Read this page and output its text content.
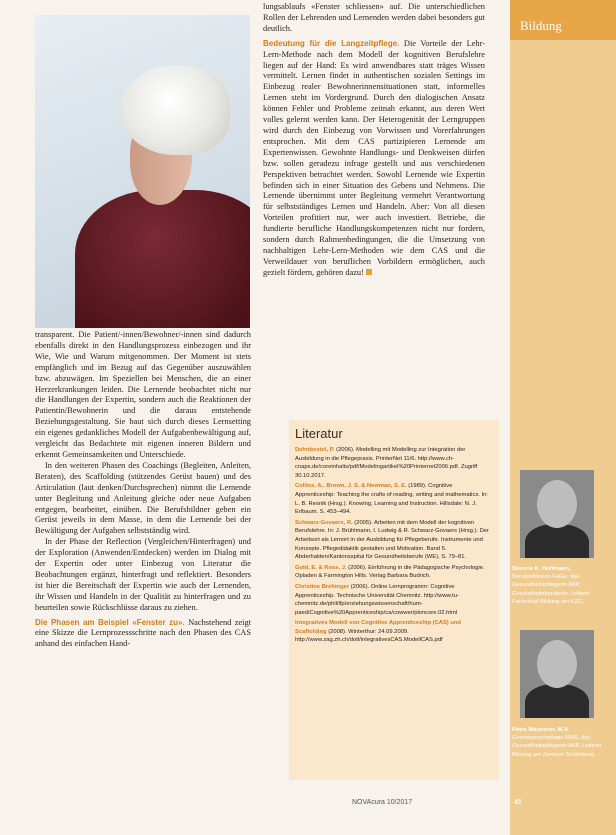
transparent. Die Patient/-innen/Bewohner/-innen sind dadurch ebenfalls direkt in den Handlungsprozess einbezogen und ihr Wie, Wie und Warum mitgenommen. Der Moment ist stets empfänglich und im Bezug auf das Gegenüber auszuwählen bzw. abzuwägen. Im Speziellen bei Menschen, die an einer Herzerkrankungen leiden. Die Lernende beobachtet nicht nur die Handlungen der Expertin, sondern auch die Reaktionen der Patientin/Bewohnerin und die daraus entstehende Beziehungsgestaltung. Sie baut sich durch dieses Lernsetting ein eigenes gedankliches Modell der Aufgabenbewältigung auf, vergleicht das Bedachtete mit eigenen inneren Bildern und erkennt Gemeinsamkeiten und Unterschiede.

In den weiteren Phasen des Coachings (Begleiten, Anleiten, Beraten), des Scaffolding (stützendes Gerüst bauen) und des Articulation (laut denken/Durchsprechen) nimmt die Lernende unter Begleitung und Anleitung gleiche oder neue Aufgaben entgegen, bearbeitet, einüben. Die Berufsbildner geben ein Gerüst jeweils in dem Masse, in dem die Lernende bei der Bewältigung der Aufgaben selbstständig wird.

In der Phase der Reflection (Vergleichen/Hinterfragen) und der Exploration (Anwenden/Entdecken) werden im Dialog mit der Expertin oder unter Einbezug von Literatur die Beobachtungen ergänzt, hinterfragt und reflektiert. Besonders ist hier die Bereitschaft der Expertin wie auch der Lernenden, ihr Wissen und Handeln in der Qualität zu hinterfragen und zu beurteilen sowie Rückschlüsse daraus zu ziehen.

Die Phasen am Beispiel «Fenster zu». Nachstehend zeigt eine Skizze die Lernprozessschritte nach den Phasen des CAS anhand des einfachen Hand-

lungsablaufs «Fenster schliessen» auf. Die unterschiedlichen Rollen der Lehrenden und Lernenden werden dabei besonders gut deutlich.

Bedeutung für die Langzeitpflege. Die Vorteile der Lehr-Lern-Methode nach dem Modell der kognitiven Berufslehre liegen auf der Hand: Es wird anwendbares statt träges Wissen vermittelt. Lernen findet in authentischen sozialen Settings im Einbezug realer Bewohnerinnensituationen statt, informelles Lernen steht im Vordergrund. Durch den dialogischen Ansatz können Fehler und Probleme zeitnah erkannt, aus deren Wert volles gelernt werden kann. Der Heterogenität der Lerngruppen wird durch den Einbezug von Vorwissen und Vorerfahrungen entsprochen. Mit dem CAS partizipieren Lernende am Expertenwissen. Gewohnte Handlungs- und Denkweisen dürfen bzw. sollen geradezu infrage gestellt und aus verschiedenen Perspektiven betrachtet werden. Sowohl Lernende wie Expertin befinden sich in einer Situation des Gebens und Nehmens. Die Lernende übernimmt unter Begleitung vermehrt Verantwortung für selbstständiges Lernen und Handeln. Aber: Von all diesen Vorteilen profitiert nur, wer auch investiert. Betriebe, die fundierte berufliche Handlungskompetenzen nicht nur fordern, sondern durch Rahmenbedingungen, die die Umsetzung von nachhaltigen Lehr-Lern-Methoden wie dem CAS und die Verweildauer von beruflichen Vorbildern ermöglichen, auch gezielt fördern, gehören dazu!

Literatur
Dehnbostel, P. (2006). Modelling mit Modelling zur Integration der Ausbildung in die Pflegepraxis. PrinterNet 11/6. http://www.ch-cnaps.de/coreinhalts/pdf/Modelingartikel%20Printernet2006.pdf. Zugriff 30.10.2017.
Collins, A., Brown, J. S. & Newman, S. E. (1989). Cognitive Apprenticeship: Teaching the crafts of reading, writing and mathematics. In: L. B. Resnik (Hrsg.). Knowing, Learning and Instruction. Hillsdale: N. J. Erlbaum. S. 453–494.
Schwarz-Govaers, R. (2005). Arbeiten mit dem Modell der kognitiven Berufslehre. In: J. Brühlmann, I. Ludwig & R. Schwarz-Govaers (Hrsg.): Der Arbeitsort als Lernort in der Ausbildung für Pflegeberufe. Instrumente und Konzepte. Pflegedidaktik gestalten und Motivation. Band 5. Abderhalden/Kantonsspital für Gesundheitsberufe (WE), S. 79–81.
Gold, E. & Ross, J. (2006). Einführung in die Pädagogische Psychologie. Opladen & Farmington Hills. Verlag Barbara Budrich.
Christine Brehinger (2006). Online Lernprogramm: Cognitive Apprenticeship. Technische Universität Chemnitz. http://www.tu-chemnitz.de/phil/ifp/erziehungswissenschaft/hum-paed/Cognitive%20Apprenticeship/ca/cowwer/pkmcore.02.html
Integratives Modell von Cognitive Apprenticeship (CAS) und Scaffolding (2008). Winterthur: 24.09.2009. http://www.zag.zh.ch/dotl/integrativesCAS.ModellCAS.pdf
Bildung
Simone K. Hoffmann, Berufsbildnerin FaGe, dipl. Gesundheitspflegerin AKP, Gesundheitsberaterin. Leiterin Fachzirkel Bildung am KZG.
Petra Wannerer, M.A. Gerontopsychologin MAS, dipl. Gesundheitspflegerin AKP, Leiterin Bildung am Zentrum Schönberg.
NOVAcura 10/2017	41
